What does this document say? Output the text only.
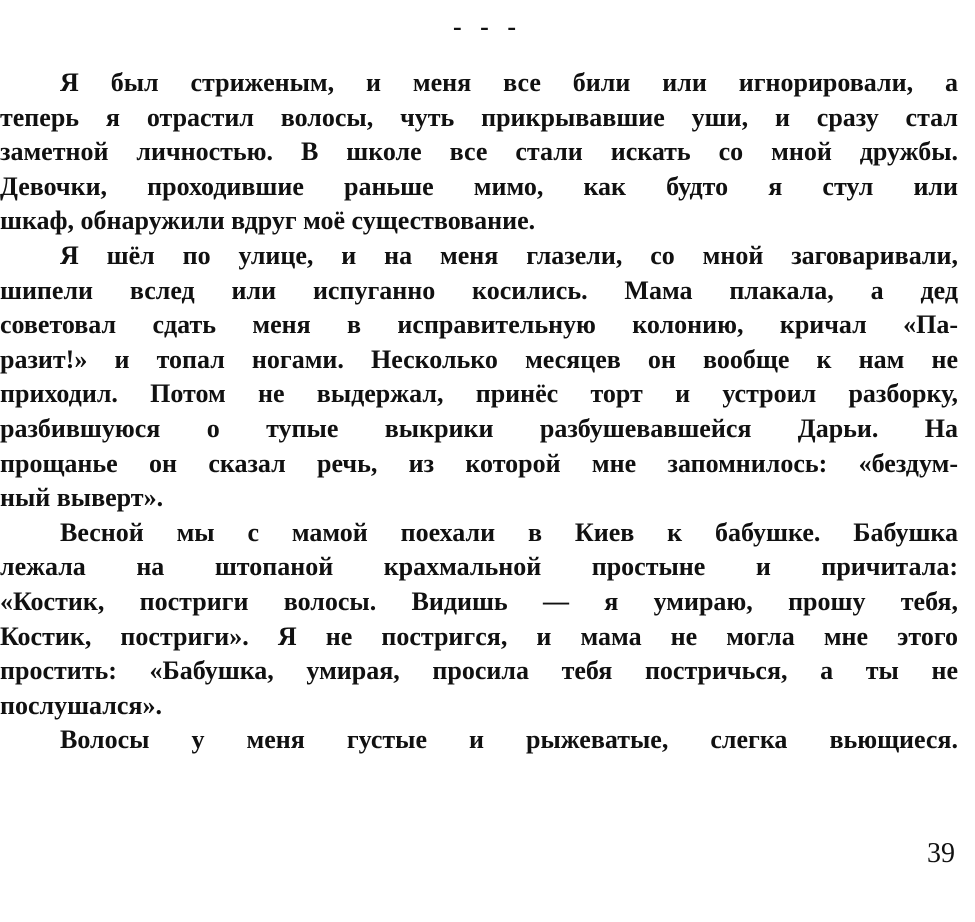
- - -
Я был стриженым, и меня все били или игнорировали, а
теперь я отрастил волосы, чуть прикрывавшие уши, и сразу стал
заметной личностью. В школе все стали искать со мной дружбы.
Девочки, проходившие раньше мимо, как будто я стул или
шкаф, обнаружили вдруг моё существование.
Я шёл по улице, и на меня глазели, со мной заговаривали,
шипели вслед или испуганно косились. Мама плакала, а дед
советовал сдать меня в исправительную колонию, кричал «Па-
разит!» и топал ногами. Несколько месяцев он вообще к нам не
приходил. Потом не выдержал, принёс торт и устроил разборку,
разбившуюся о тупые выкрики разбушевавшейся Дарьи. На
прощанье он сказал речь, из которой мне запомнилось: «бездум-
ный выверт».
Весной мы с мамой поехали в Киев к бабушке. Бабушка
лежала на штопаной крахмальной простыне и причитала:
«Костик, постриги волосы. Видишь — я умираю, прошу тебя,
Костик, постриги». Я не постригся, и мама не могла мне этого
простить: «Бабушка, умирая, просила тебя постричься, а ты не
послушался».
Волосы у меня густые и рыжеватые, слегка вьющиеся.
39
